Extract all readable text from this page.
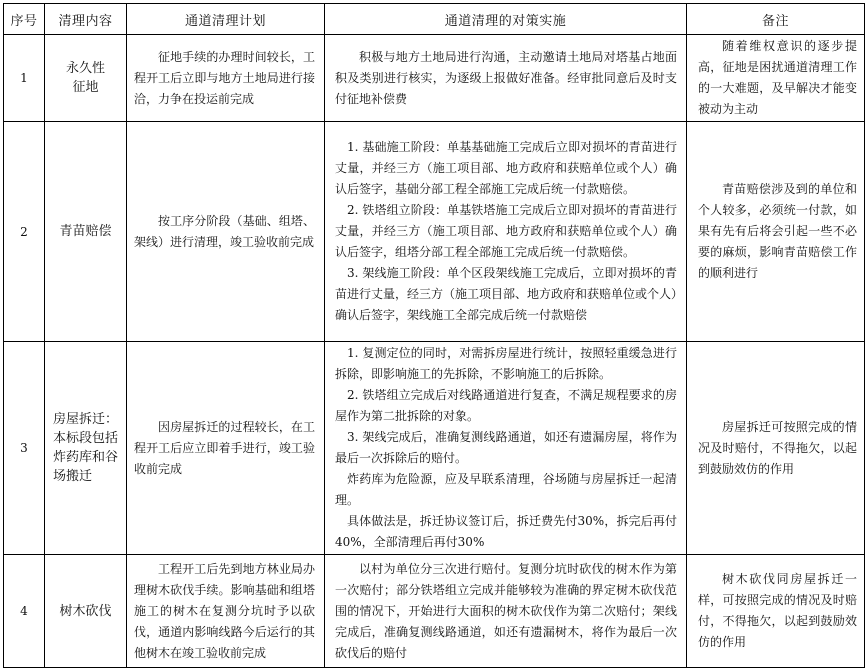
序号	清理内容	通道清理计划	通道清理的对策实施	备注
1	永久性征地	征地手续的办理时间较长，工程开工后立即与地方土地局进行接洽，力争在投运前完成	积极与地方土地局进行沟通，主动邀请土地局对塔基占地面积及类别进行核实，为逐级上报做好准备。经审批同意后及时支付征地补偿费	随着维权意识的逐步提高，征地是困扰通道清理工作的一大难题，及早解决才能变被动为主动

2	青苗赔偿	按工序分阶段（基础、组塔、架线）进行清理，竣工验收前完成	1. 基础施工阶段：单基基础施工完成后立即对损坏的青苗进行丈量，并经三方（施工项目部、地方政府和获赔单位或个人）确认后签字，基础分部工程全部施工完成后统一付款赔偿。
2. 铁塔组立阶段：单基铁塔施工完成后立即对损坏的青苗进行丈量，并经三方（施工项目部、地方政府和获赔单位或个人）确认后签字，组塔分部工程全部施工完成后统一付款赔偿。
3. 架线施工阶段：单个区段架线施工完成后，立即对损坏的青苗进行丈量，经三方（施工项目部、地方政府和获赔单位或个人）确认后签字，架线施工全部完成后统一付款赔偿	青苗赔偿涉及到的单位和个人较多，必须统一付款，如果有先有后将会引起一些不必要的麻烦，影响青苗赔偿工作的顺利进行

3	房屋拆迁：本标段包括炸药库和谷场搬迁	因房屋拆迁的过程较长，在工程开工后应立即着手进行，竣工验收前完成	1. 复测定位的同时，对需拆房屋进行统计，按照轻重缓急进行拆除，即影响施工的先拆除，不影响施工的后拆除。
2. 铁塔组立完成后对线路通道进行复查，不满足规程要求的房屋作为第二批拆除的对象。
3. 架线完成后，准确复测线路通道，如还有遗漏房屋，将作为最后一次拆除后的赔付。
炸药库为危险源，应及早联系清理，谷场随与房屋拆迁一起清理。
具体做法是，拆迁协议签订后，拆迁费先付30%，拆完后再付40%，全部清理后再付30%	房屋拆迁可按照完成的情况及时赔付，不得拖欠，以起到鼓励效仿的作用

4	树木砍伐	工程开工后先到地方林业局办理树木砍伐手续。影响基础和组塔施工的树木在复测分坑时予以砍伐，通道内影响线路今后运行的其他树木在竣工验收前完成	以村为单位分三次进行赔付。复测分坑时砍伐的树木作为第一次赔付；部分铁塔组立完成并能够较为准确的界定树木砍伐范围的情况下，开始进行大面积的树木砍伐作为第二次赔付；架线完成后，准确复测线路通道，如还有遗漏树木，将作为最后一次砍伐后的赔付	树木砍伐同房屋拆迁一样，可按照完成的情况及时赔付，不得拖欠，以起到鼓励效仿的作用
